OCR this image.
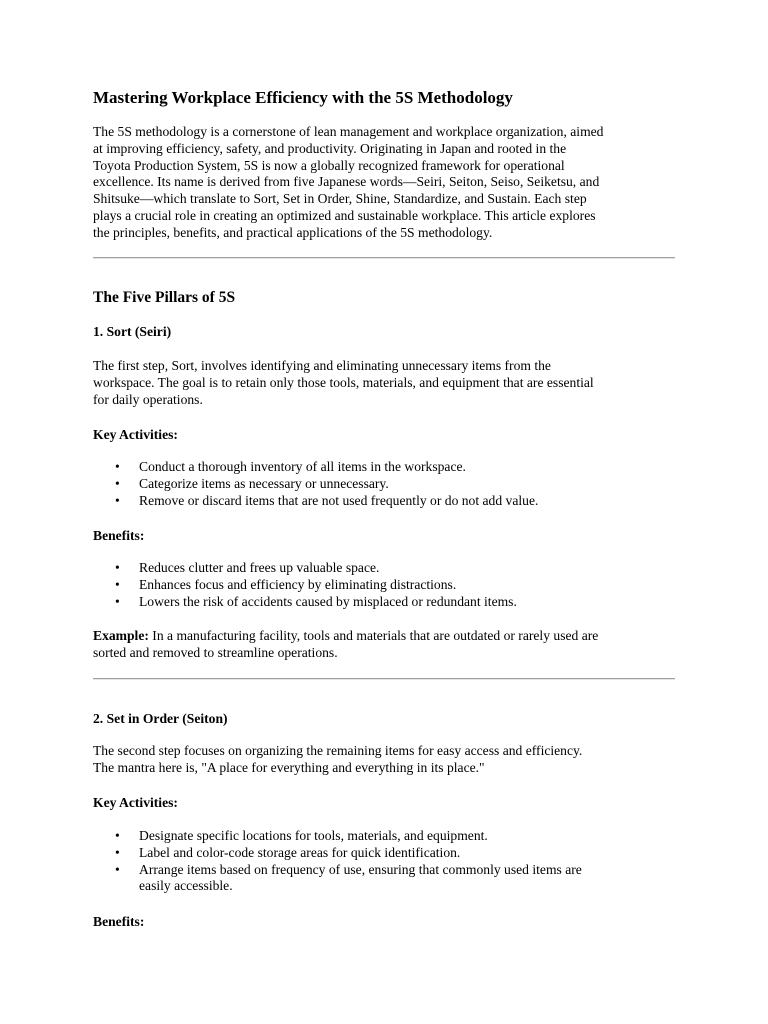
Mastering Workplace Efficiency with the 5S Methodology
The 5S methodology is a cornerstone of lean management and workplace organization, aimed
at improving efficiency, safety, and productivity. Originating in Japan and rooted in the
Toyota Production System, 5S is now a globally recognized framework for operational
excellence. Its name is derived from five Japanese words—Seiri, Seiton, Seiso, Seiketsu, and
Shitsuke—which translate to Sort, Set in Order, Shine, Standardize, and Sustain. Each step
plays a crucial role in creating an optimized and sustainable workplace. This article explores
the principles, benefits, and practical applications of the 5S methodology.
The Five Pillars of 5S
1. Sort (Seiri)
The first step, Sort, involves identifying and eliminating unnecessary items from the
workspace. The goal is to retain only those tools, materials, and equipment that are essential
for daily operations.
Key Activities:
• Conduct a thorough inventory of all items in the workspace.
• Categorize items as necessary or unnecessary.
• Remove or discard items that are not used frequently or do not add value.
Benefits:
• Reduces clutter and frees up valuable space.
• Enhances focus and efficiency by eliminating distractions.
• Lowers the risk of accidents caused by misplaced or redundant items.
Example: In a manufacturing facility, tools and materials that are outdated or rarely used are
sorted and removed to streamline operations.
2. Set in Order (Seiton)
The second step focuses on organizing the remaining items for easy access and efficiency.
The mantra here is, "A place for everything and everything in its place."
Key Activities:
• Designate specific locations for tools, materials, and equipment.
• Label and color-code storage areas for quick identification.
• Arrange items based on frequency of use, ensuring that commonly used items are
easily accessible.
Benefits:
